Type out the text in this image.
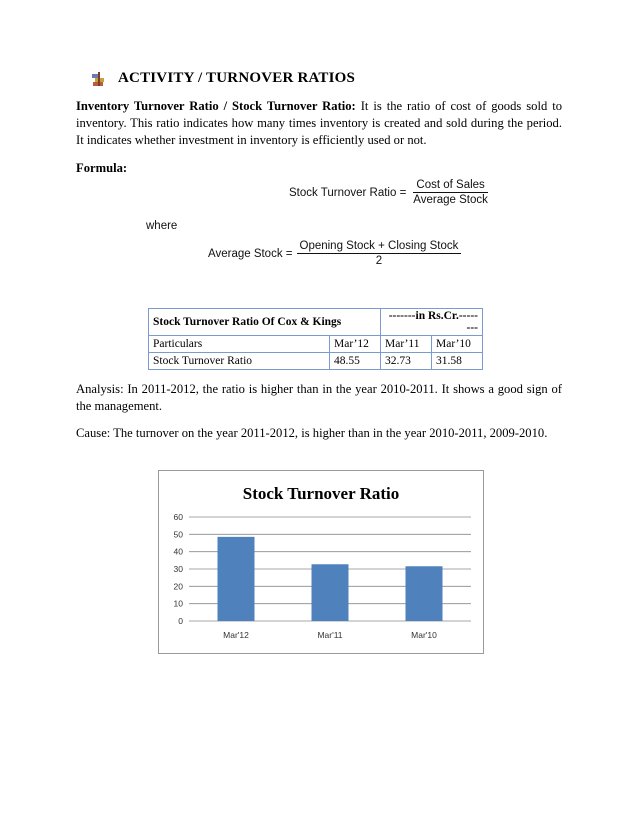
ACTIVITY / TURNOVER RATIOS
Inventory Turnover Ratio / Stock Turnover Ratio: It is the ratio of cost of goods sold to inventory. This ratio indicates how many times inventory is created and sold during the period. It indicates whether investment in inventory is efficiently used or not.
Formula:
Stock Turnover Ratio = $\frac{\text{Cost of Sales}}{\text{Average Stock}}$
where
Average Stock = $\frac{\text{Opening Stock + Closing Stock}}{2}$
Stock Turnover Ratio Of Cox & Kings		-------in Rs.Cr.--------	
Particulars	Mar’12	Mar’11	Mar’10
Stock Turnover Ratio	48.55	32.73	31.58
Analysis: In 2011-2012, the ratio is higher than in the year 2010-2011. It shows a good sign of the management.
Cause: The turnover on the year 2011-2012, is higher than in the year 2010-2011, 2009-2010.
Stock Turnover Ratio
0
10
20
30
40
50
60
Mar'12	Mar'11	Mar'10
